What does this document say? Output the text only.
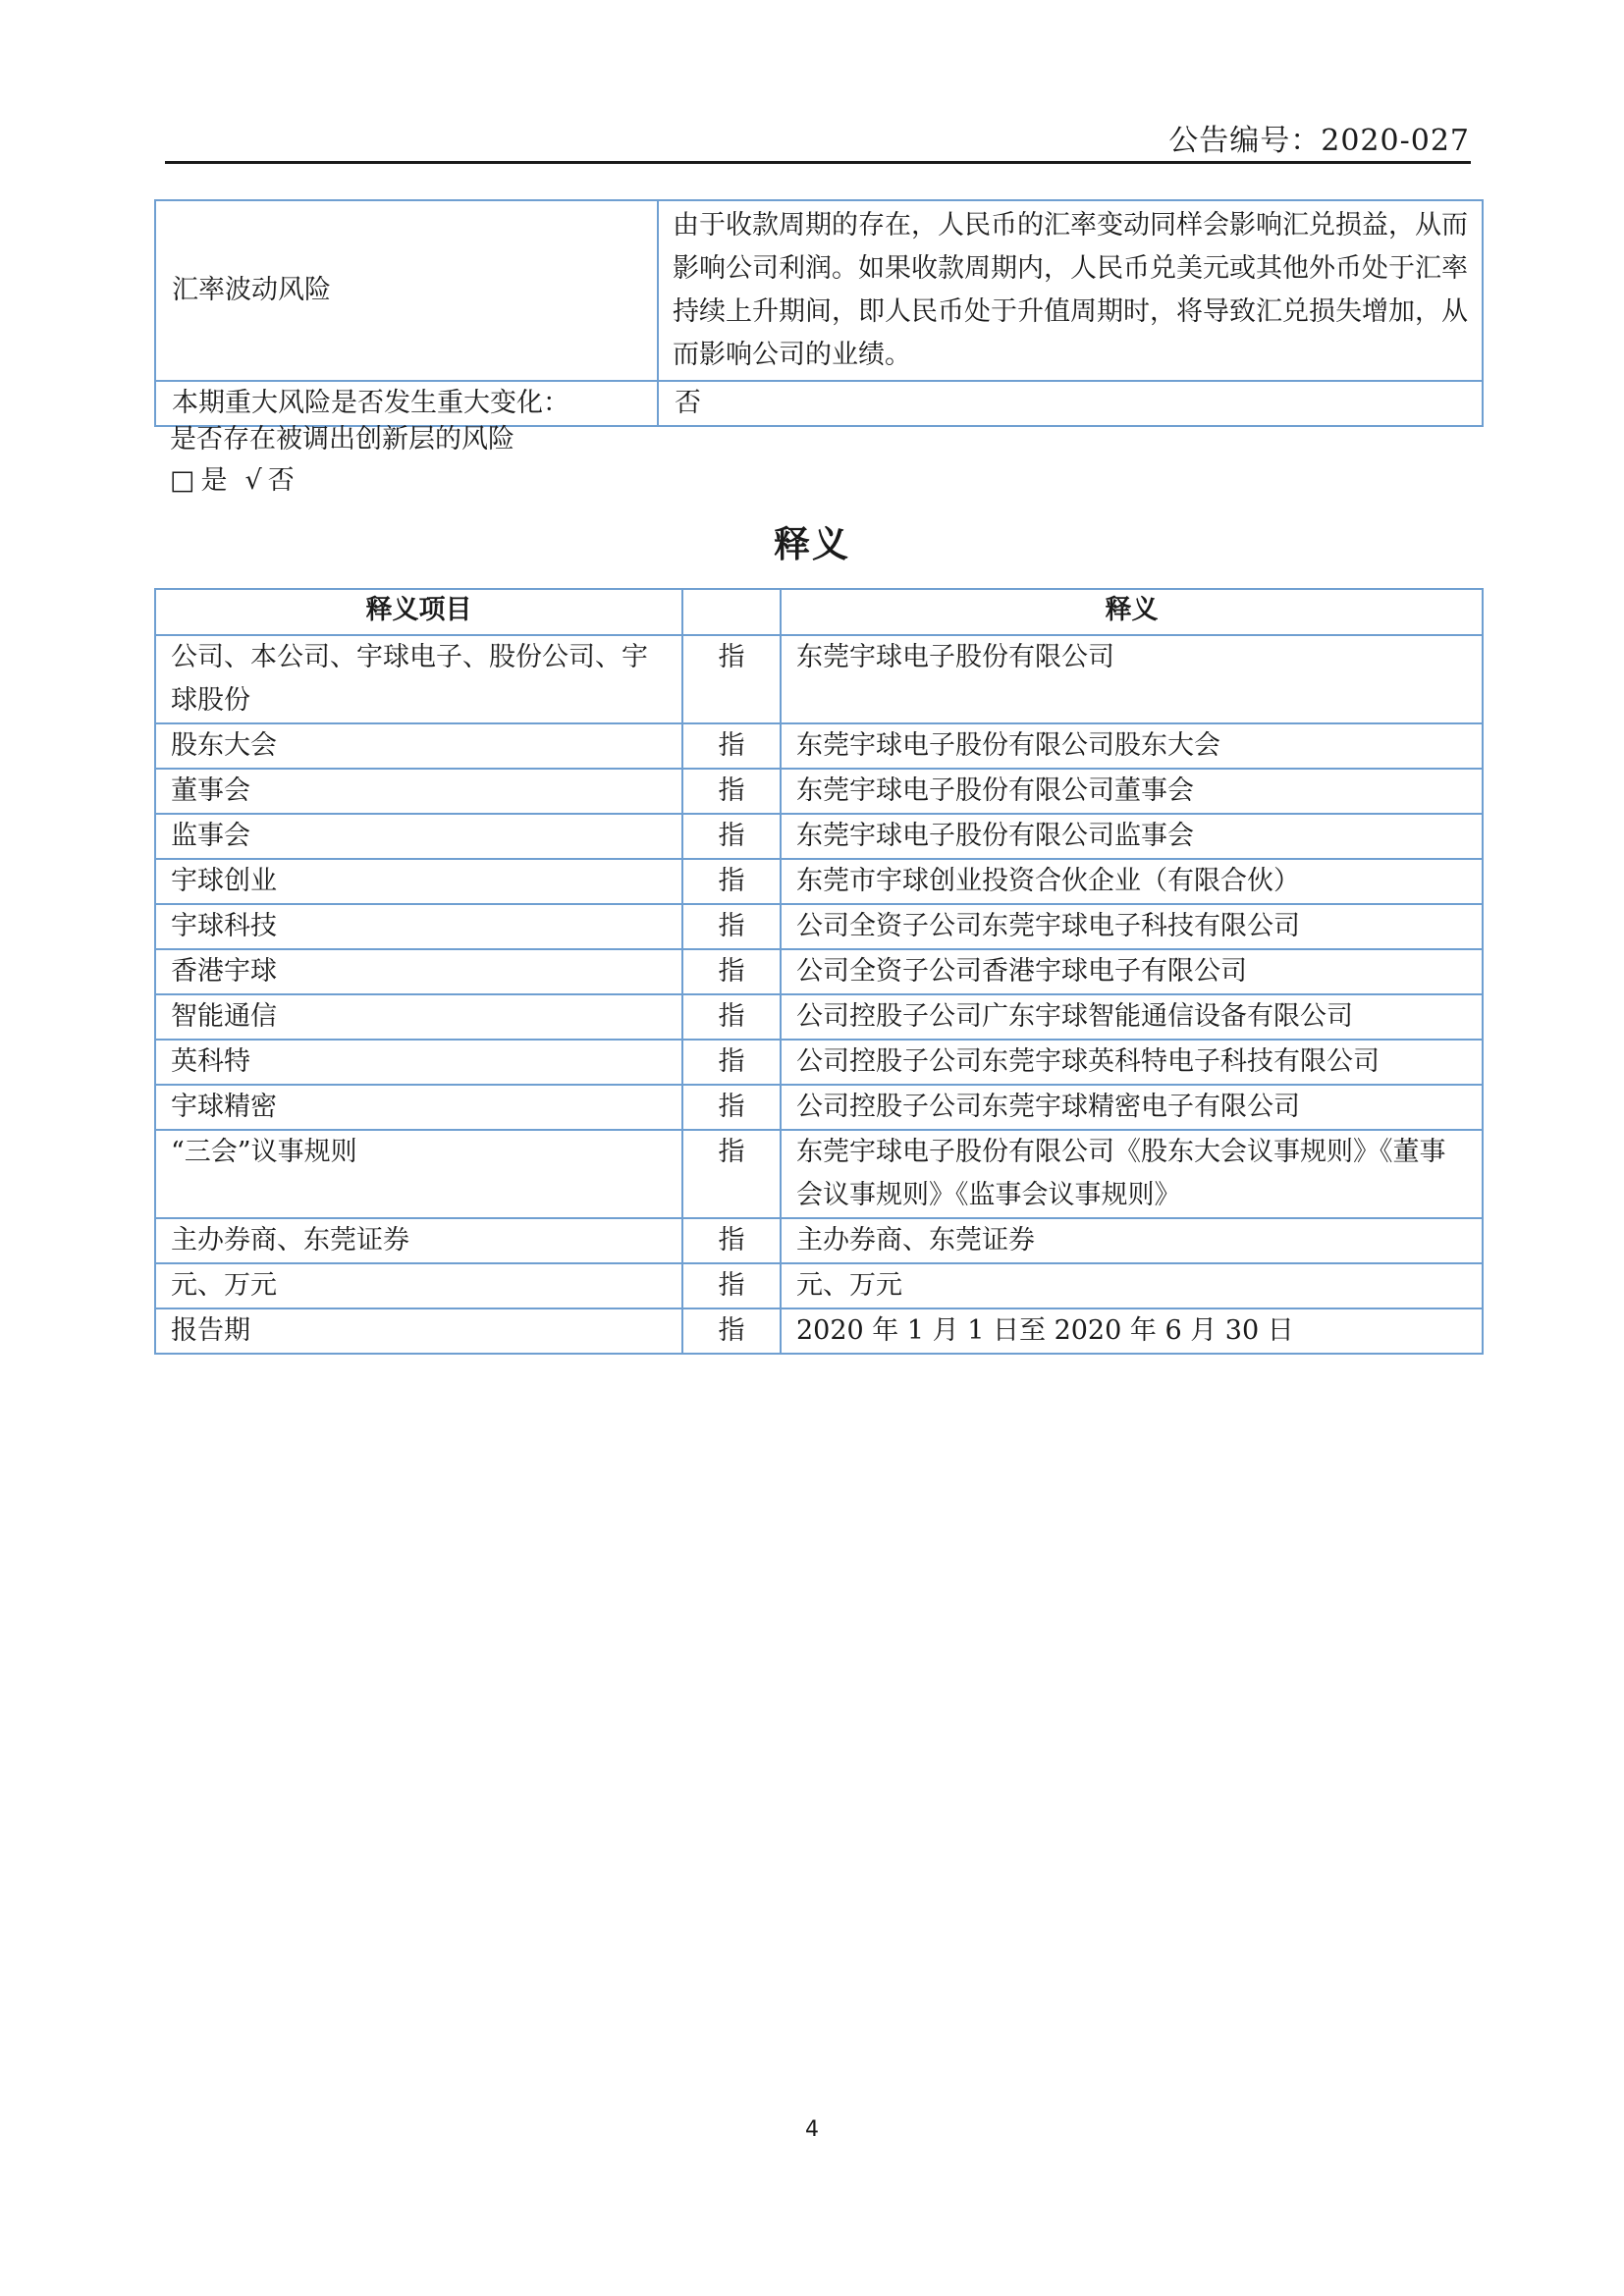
公告编号：2020-027
汇率波动风险	由于收款周期的存在，人民币的汇率变动同样会影响汇兑损益，从而影响公司利润。如果收款周期内，人民币兑美元或其他外币处于汇率持续上升期间，即人民币处于升值周期时，将导致汇兑损失增加，从而影响公司的业绩。
本期重大风险是否发生重大变化：	否
是否存在被调出创新层的风险
□ 是 √ 否
释义
释义项目		释义
公司、本公司、宇球电子、股份公司、宇球股份	指	东莞宇球电子股份有限公司
股东大会	指	东莞宇球电子股份有限公司股东大会
董事会	指	东莞宇球电子股份有限公司董事会
监事会	指	东莞宇球电子股份有限公司监事会
宇球创业	指	东莞市宇球创业投资合伙企业（有限合伙）
宇球科技	指	公司全资子公司东莞宇球电子科技有限公司
香港宇球	指	公司全资子公司香港宇球电子有限公司
智能通信	指	公司控股子公司广东宇球智能通信设备有限公司
英科特	指	公司控股子公司东莞宇球英科特电子科技有限公司
宇球精密	指	公司控股子公司东莞宇球精密电子有限公司
“三会”议事规则	指	东莞宇球电子股份有限公司《股东大会议事规则》《董事会议事规则》《监事会议事规则》
主办券商、东莞证券	指	主办券商、东莞证券
元、万元	指	元、万元
报告期	指	2020 年 1 月 1 日至 2020 年 6 月 30 日
4
